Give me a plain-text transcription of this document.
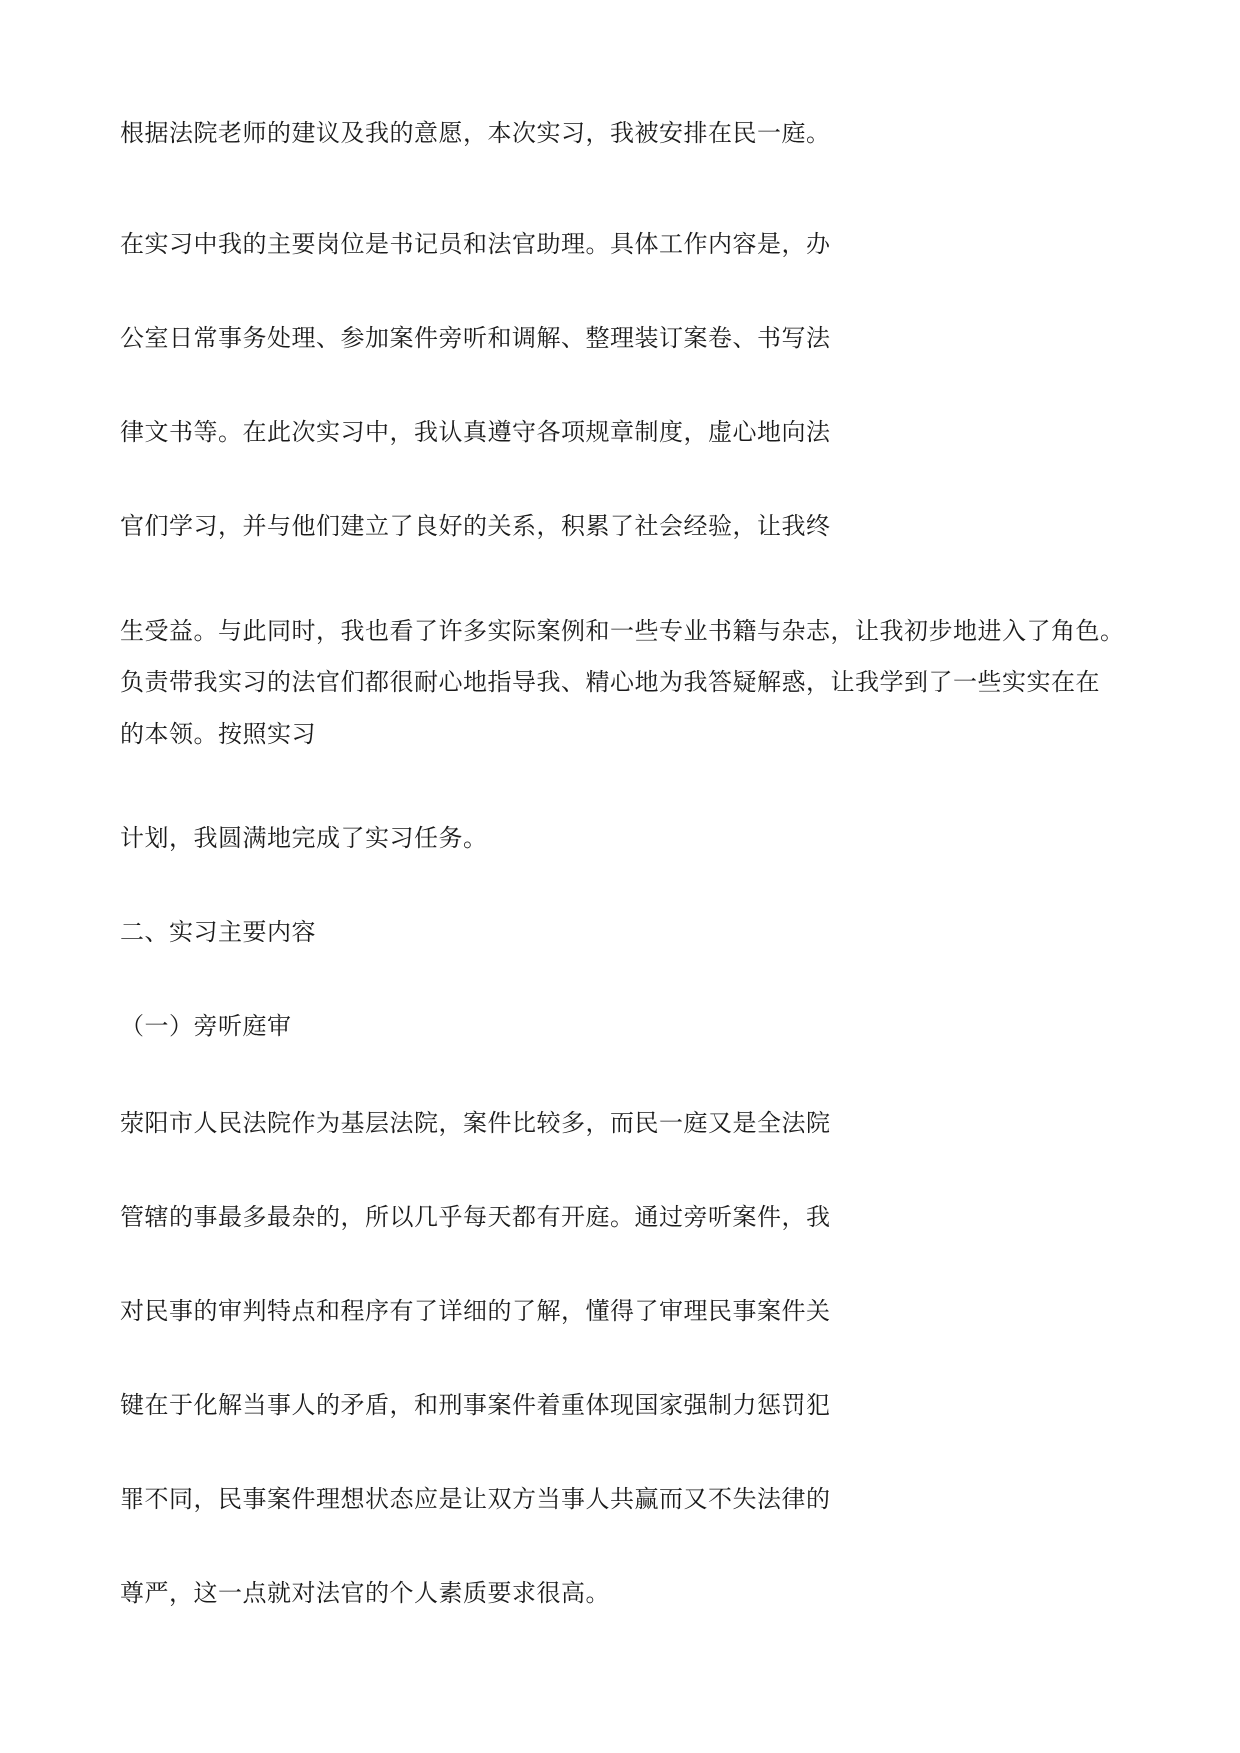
根据法院老师的建议及我的意愿，本次实习，我被安排在民一庭。

在实习中我的主要岗位是书记员和法官助理。具体工作内容是，办

公室日常事务处理、参加案件旁听和调解、整理装订案卷、书写法

律文书等。在此次实习中，我认真遵守各项规章制度，虚心地向法

官们学习，并与他们建立了良好的关系，积累了社会经验，让我终

生受益。与此同时，我也看了许多实际案例和一些专业书籍与杂志，让我初步地进入了角色。

负责带我实习的法官们都很耐心地指导我、精心地为我答疑解惑，让我学到了一些实实在在

的本领。按照实习

计划，我圆满地完成了实习任务。

二、实习主要内容

（一）旁听庭审

荥阳市人民法院作为基层法院，案件比较多，而民一庭又是全法院

管辖的事最多最杂的，所以几乎每天都有开庭。通过旁听案件，我

对民事的审判特点和程序有了详细的了解，懂得了审理民事案件关

键在于化解当事人的矛盾，和刑事案件着重体现国家强制力惩罚犯

罪不同，民事案件理想状态应是让双方当事人共赢而又不失法律的

尊严，这一点就对法官的个人素质要求很高。
